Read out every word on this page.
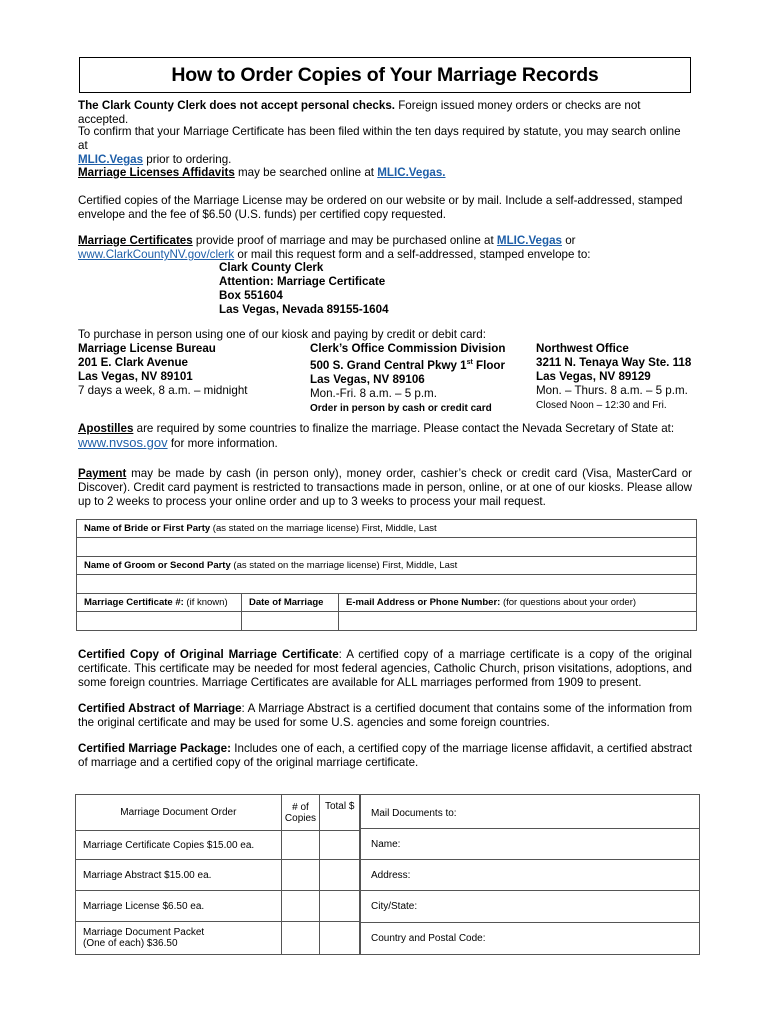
How to Order Copies of Your Marriage Records
The Clark County Clerk does not accept personal checks. Foreign issued money orders or checks are not accepted.
To confirm that your Marriage Certificate has been filed within the ten days required by statute, you may search online at
MLIC.Vegas prior to ordering.
Marriage Licenses Affidavits may be searched online at MLIC.Vegas.
Certified copies of the Marriage License may be ordered on our website or by mail. Include a self-addressed, stamped envelope and the fee of $6.50 (U.S. funds) per certified copy requested.
Marriage Certificates provide proof of marriage and may be purchased online at MLIC.Vegas or
www.ClarkCountyNV.gov/clerk or mail this request form and a self-addressed, stamped envelope to:
Clark County Clerk
Attention: Marriage Certificate
Box 551604
Las Vegas, Nevada 89155-1604
To purchase in person using one of our kiosk and paying by credit or debit card:
Marriage License Bureau
201 E. Clark Avenue
Las Vegas, NV 89101
7 days a week, 8 a.m. – midnight
Clerk’s Office Commission Division
500 S. Grand Central Pkwy 1st Floor
Las Vegas, NV 89106
Mon.-Fri. 8 a.m. – 5 p.m.
Order in person by cash or credit card
Northwest Office
3211 N. Tenaya Way Ste. 118
Las Vegas, NV 89129
Mon. – Thurs. 8 a.m. – 5 p.m.
Closed Noon – 12:30 and Fri.
Apostilles are required by some countries to finalize the marriage. Please contact the Nevada Secretary of State at:
www.nvsos.gov for more information.
Payment may be made by cash (in person only), money order, cashier’s check or credit card (Visa, MasterCard or Discover). Credit card payment is restricted to transactions made in person, online, or at one of our kiosks. Please allow up to 2 weeks to process your online order and up to 3 weeks to process your mail request.
Name of Bride or First Party (as stated on the marriage license) First, Middle, Last		

Name of Groom or Second Party (as stated on the marriage license) First, Middle, Last		

Marriage Certificate #: (if known)	Date of Marriage	E-mail Address or Phone Number: (for questions about your order)

Certified Copy of Original Marriage Certificate: A certified copy of a marriage certificate is a copy of the original certificate. This certificate may be needed for most federal agencies, Catholic Church, prison visitations, adoptions, and some foreign countries. Marriage Certificates are available for ALL marriages performed from 1909 to present.
Certified Abstract of Marriage: A Marriage Abstract is a certified document that contains some of the information from the original certificate and may be used for some U.S. agencies and some foreign countries.
Certified Marriage Package: Includes one of each, a certified copy of the marriage license affidavit, a certified abstract of marriage and a certified copy of the original marriage certificate.
Marriage Document Order	# of Copies	Total $
Marriage Certificate Copies $15.00 ea.		
Marriage Abstract $15.00 ea.		
Marriage License $6.50 ea.		

Marriage Document Packet
(One of each) $36.50		

Mail Documents to:
Name:
Address:
City/State:
Country and Postal Code:
